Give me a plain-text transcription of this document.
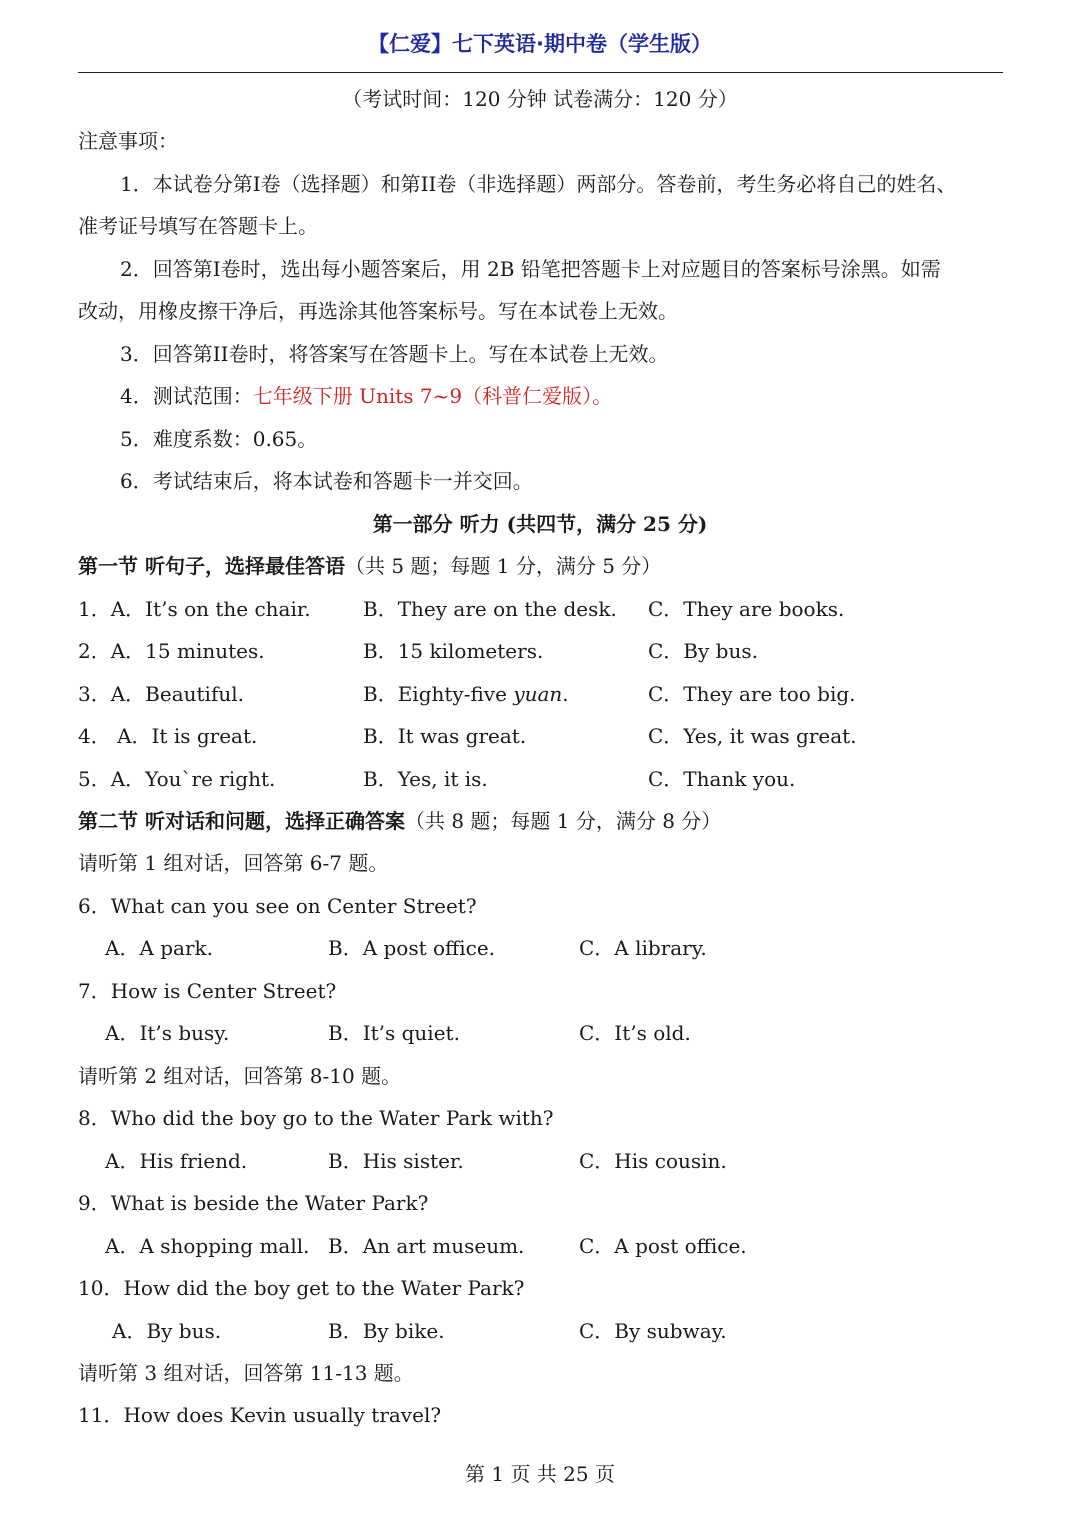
【仁爱】七下英语·期中卷（学生版）
（考试时间：120 分钟 试卷满分：120 分）
注意事项：
1．本试卷分第I卷（选择题）和第II卷（非选择题）两部分。答卷前，考生务必将自己的姓名、
准考证号填写在答题卡上。
2．回答第I卷时，选出每小题答案后，用 2B 铅笔把答题卡上对应题目的答案标号涂黑。如需
改动，用橡皮擦干净后，再选涂其他答案标号。写在本试卷上无效。
3．回答第II卷时，将答案写在答题卡上。写在本试卷上无效。
4．测试范围：七年级下册 Units 7~9（科普仁爱版）。
5．难度系数：0.65。
6．考试结束后，将本试卷和答题卡一并交回。
第一部分 听力 (共四节，满分 25 分)
第一节 听句子，选择最佳答语（共 5 题；每题 1 分，满分 5 分）
1．A．It’s on the chair.	B．They are on the desk. C．They are books.
2．A．15 minutes.	B．15 kilometers.	C．By bus.
3．A．Beautiful.	B．Eighty-five yuan.	C．They are too big.
4． A．It is great.	B．It was great.	C．Yes, it was great.
5．A．You`re right.	B．Yes, it is.	C．Thank you.
第二节 听对话和问题，选择正确答案（共 8 题；每题 1 分，满分 8 分）
请听第 1 组对话，回答第 6-7 题。
6．What can you see on Center Street?
A．A park.	B．A post office.	C．A library.
7．How is Center Street?
A．It’s busy.	B．It’s quiet.	C．It’s old.
请听第 2 组对话，回答第 8-10 题。
8．Who did the boy go to the Water Park with?
A．His friend.	B．His sister.	C．His cousin.
9．What is beside the Water Park?
A．A shopping mall. B．An art museum.	C．A post office.
10．How did the boy get to the Water Park?
A．By bus.	B．By bike.	C．By subway.
请听第 3 组对话，回答第 11-13 题。
11．How does Kevin usually travel?
第 1 页 共 25 页
